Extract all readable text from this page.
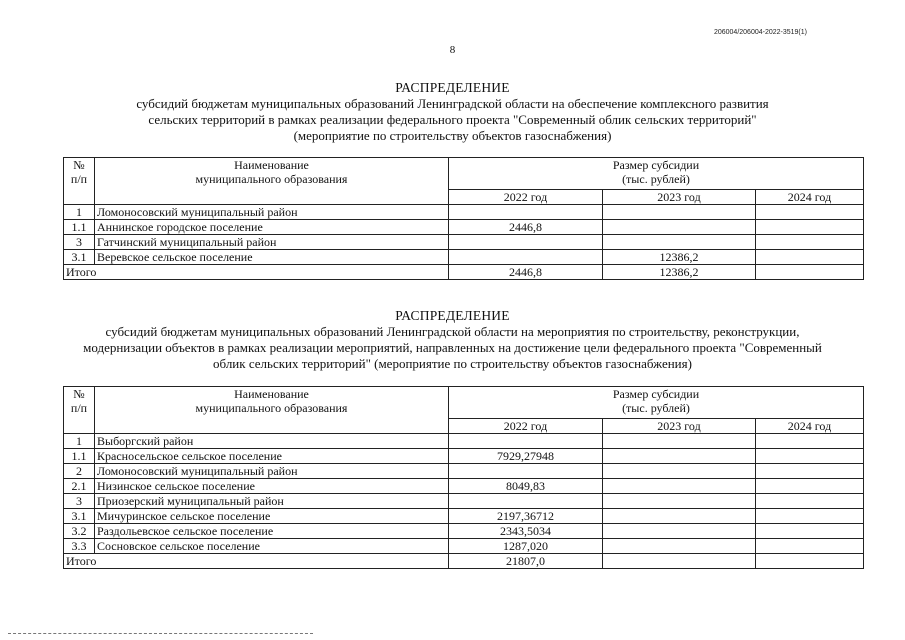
206004/206004-2022-3519(1)
8
РАСПРЕДЕЛЕНИЕ
субсидий бюджетам муниципальных образований Ленинградской области на обеспечение комплексного развития
сельских территорий в рамках реализации федерального проекта "Современный облик сельских территорий"
(мероприятие по строительству объектов газоснабжения)
№
п/п	Наименование
муниципального образования	Размер субсидии
(тыс. рублей)		
		2022 год	2023 год	2024 год
1	Ломоносовский муниципальный район			
1.1	Аннинское городское поселение	2446,8		
3	Гатчинский муниципальный район			
3.1	Веревское сельское поселение		12386,2	
Итого		2446,8	12386,2	
РАСПРЕДЕЛЕНИЕ
субсидий бюджетам муниципальных образований Ленинградской области на мероприятия по строительству, реконструкции,
модернизации объектов в рамках реализации мероприятий, направленных на достижение цели федерального проекта "Современный
облик сельских территорий" (мероприятие по строительству объектов газоснабжения)
№
п/п	Наименование
муниципального образования	Размер субсидии
(тыс. рублей)		
		2022 год	2023 год	2024 год
1	Выборгский район			
1.1	Красносельское сельское поселение	7929,27948		
2	Ломоносовский муниципальный район			
2.1	Низинское сельское поселение	8049,83		
3	Приозерский муниципальный район			
3.1	Мичуринское сельское поселение	2197,36712		
3.2	Раздольевское сельское поселение	2343,5034		
3.3	Сосновское сельское поселение	1287,020		
Итого		21807,0		
